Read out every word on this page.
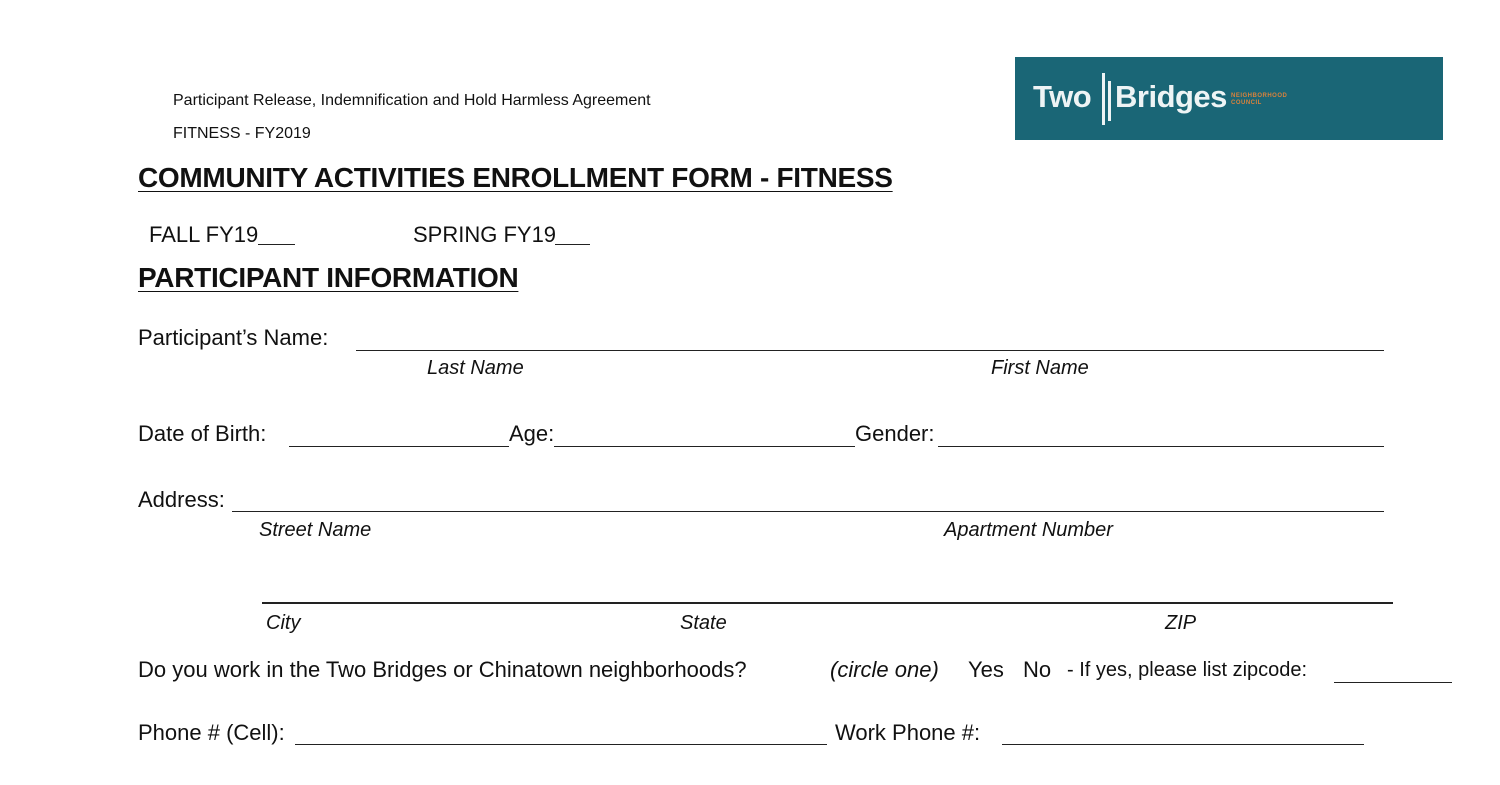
Participant Release, Indemnification and Hold Harmless Agreement
FITNESS - FY2019
Two Bridges NEIGHBORHOOD
COUNCIL
COMMUNITY ACTIVITIES ENROLLMENT FORM - FITNESS
FALL FY19	SPRING FY19
PARTICIPANT INFORMATION
Participant’s Name:
Last Name	First Name
Date of Birth:	Age:	Gender:
Address:
Street Name	Apartment Number
City	State	ZIP
Do you work in the Two Bridges or Chinatown neighborhoods?	(circle one) Yes No - If yes, please list zipcode:
Phone # (Cell):	Work Phone #:
